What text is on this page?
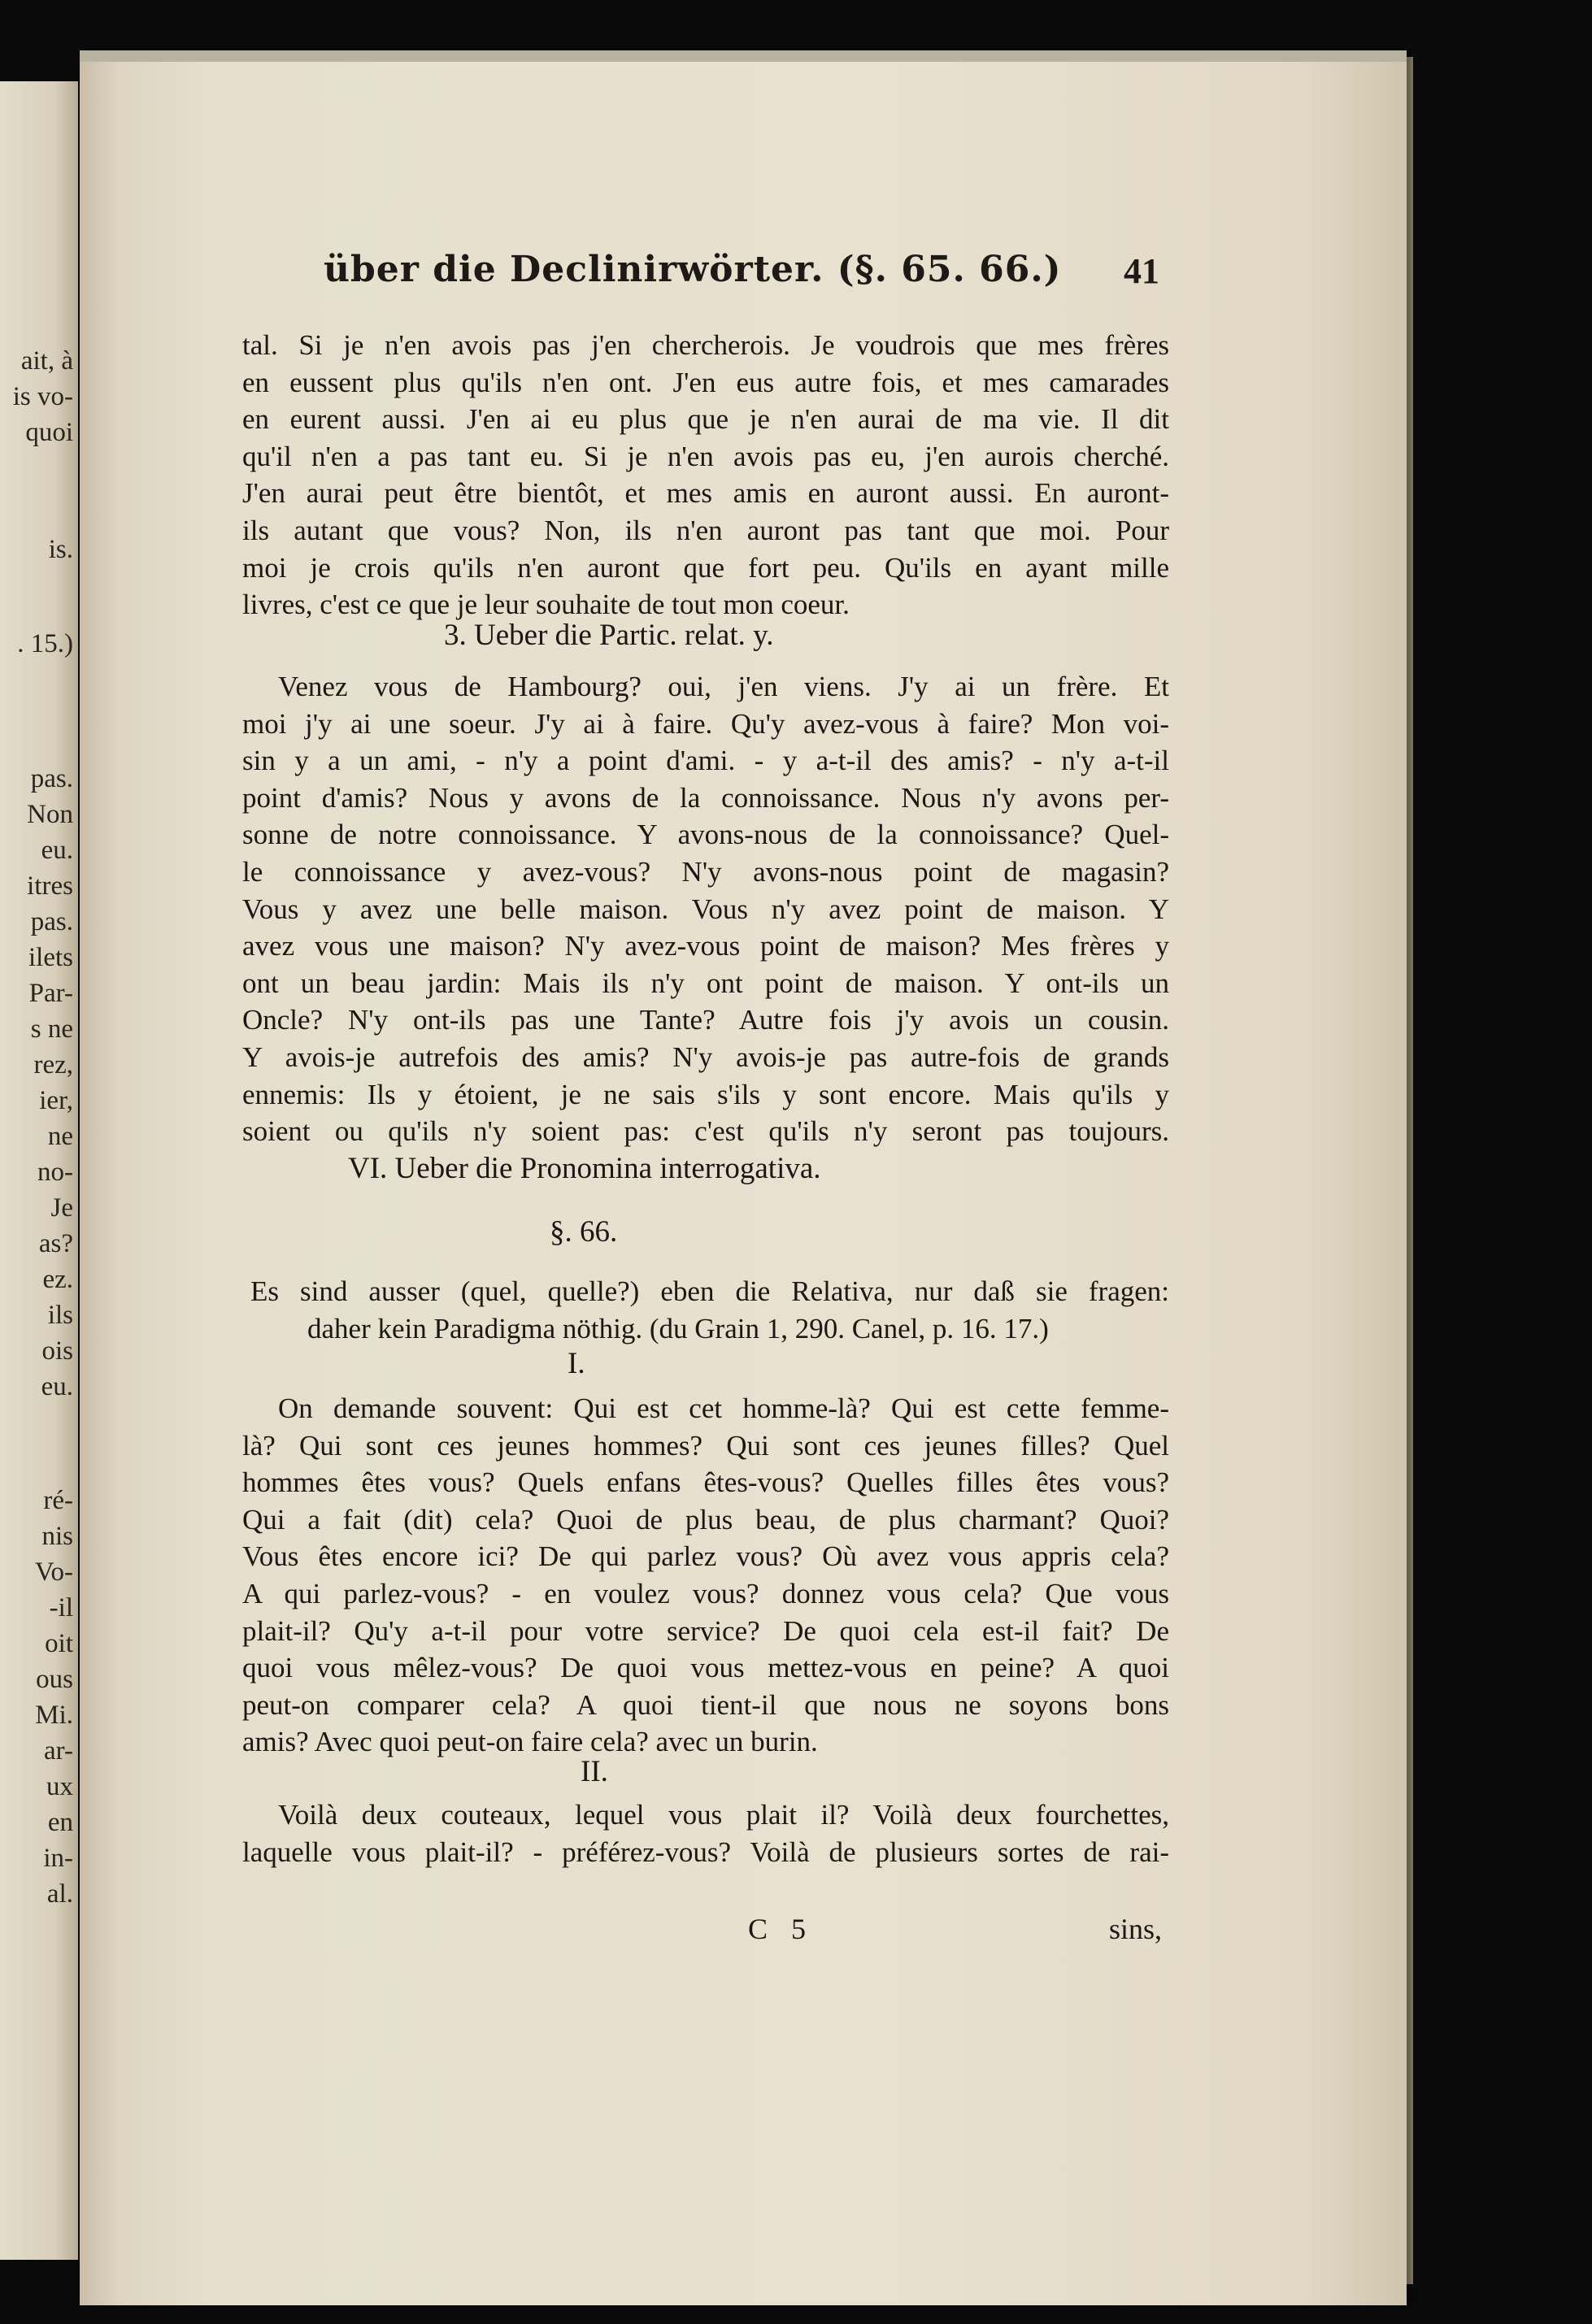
ait, à
is vo-
quoi
is.
. 15.)
pas.
Non
eu.
itres
pas.
ilets
Par-
s ne
rez,
ier,
ne
no-
Je
as?
ez.
ils
ois
eu.
ré-
nis
Vo-
-il
oit
ous
Mi.
ar-
ux
en
in-
al.
über die Declinirwörter. (§. 65. 66.)	41
tal. Si je n'en avois pas j'en chercherois. Je voudrois que mes frères
en eussent plus qu'ils n'en ont. J'en eus autre fois, et mes camarades
en eurent aussi. J'en ai eu plus que je n'en aurai de ma vie. Il dit
qu'il n'en a pas tant eu. Si je n'en avois pas eu, j'en aurois cherché.
J'en aurai peut être bientôt, et mes amis en auront aussi. En auront-
ils autant que vous? Non, ils n'en auront pas tant que moi. Pour
moi je crois qu'ils n'en auront que fort peu. Qu'ils en ayant mille
livres, c'est ce que je leur souhaite de tout mon coeur.
3. Ueber die Partic. relat. y.
Venez vous de Hambourg? oui, j'en viens. J'y ai un frère. Et
moi j'y ai une soeur. J'y ai à faire. Qu'y avez-vous à faire? Mon voi-
sin y a un ami, - n'y a point d'ami. - y a-t-il des amis? - n'y a-t-il
point d'amis? Nous y avons de la connoissance. Nous n'y avons per-
sonne de notre connoissance. Y avons-nous de la connoissance? Quel-
le connoissance y avez-vous? N'y avons-nous point de magasin?
Vous y avez une belle maison. Vous n'y avez point de maison. Y
avez vous une maison? N'y avez-vous point de maison? Mes frères y
ont un beau jardin: Mais ils n'y ont point de maison. Y ont-ils un
Oncle? N'y ont-ils pas une Tante? Autre fois j'y avois un cousin.
Y avois-je autrefois des amis? N'y avois-je pas autre-fois de grands
ennemis: Ils y étoient, je ne sais s'ils y sont encore. Mais qu'ils y
soient ou qu'ils n'y soient pas: c'est qu'ils n'y seront pas toujours.
VI. Ueber die Pronomina interrogativa.
§. 66.
Es sind ausser (quel, quelle?) eben die Relativa, nur daß sie fragen:
daher kein Paradigma nöthig. (du Grain 1, 290. Canel, p. 16. 17.)
I.
On demande souvent: Qui est cet homme-là? Qui est cette femme-
là? Qui sont ces jeunes hommes? Qui sont ces jeunes filles? Quel
hommes êtes vous? Quels enfans êtes-vous? Quelles filles êtes vous?
Qui a fait (dit) cela? Quoi de plus beau, de plus charmant? Quoi?
Vous êtes encore ici? De qui parlez vous? Où avez vous appris cela?
A qui parlez-vous? - en voulez vous? donnez vous cela? Que vous
plait-il? Qu'y a-t-il pour votre service? De quoi cela est-il fait? De
quoi vous mêlez-vous? De quoi vous mettez-vous en peine? A quoi
peut-on comparer cela? A quoi tient-il que nous ne soyons bons
amis? Avec quoi peut-on faire cela? avec un burin.
II.
Voilà deux couteaux, lequel vous plait il? Voilà deux fourchettes,
laquelle vous plait-il? - préférez-vous? Voilà de plusieurs sortes de rai-
C 5	sins,
